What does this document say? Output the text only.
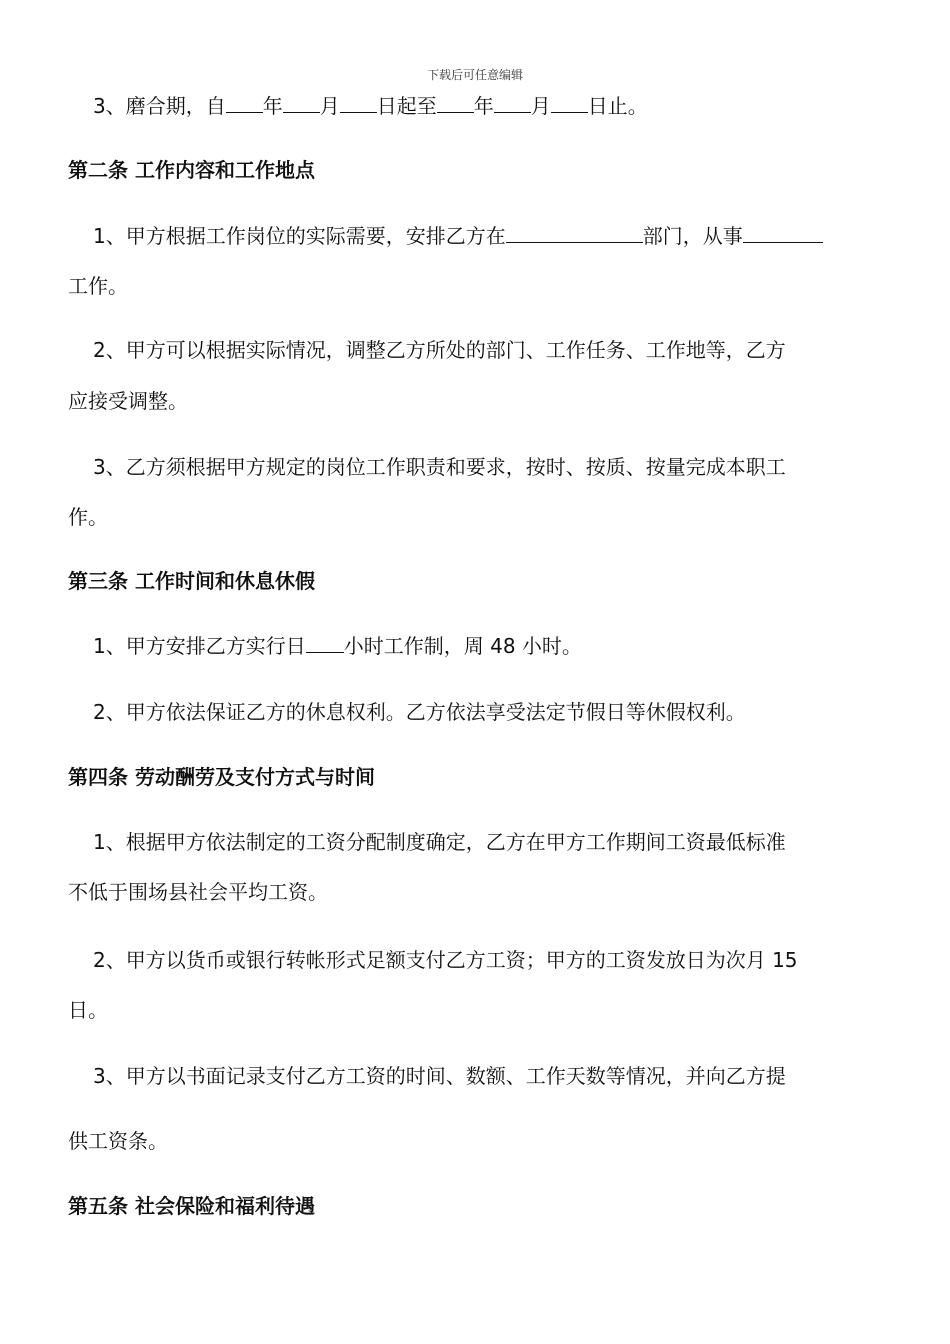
下载后可任意编辑
3、磨合期，自 年 月 日起至 年 月 日止。
第二条 工作内容和工作地点
1、甲方根据工作岗位的实际需要，安排乙方在	部门，从事
工作。
2、甲方可以根据实际情况，调整乙方所处的部门、工作任务、工作地等，乙方
应接受调整。
3、乙方须根据甲方规定的岗位工作职责和要求，按时、按质、按量完成本职工
作。
第三条 工作时间和休息休假
1、甲方安排乙方实行日 小时工作制，周 48 小时。
2、甲方依法保证乙方的休息权利。乙方依法享受法定节假日等休假权利。
第四条 劳动酬劳及支付方式与时间
1、根据甲方依法制定的工资分配制度确定，乙方在甲方工作期间工资最低标准
不低于围场县社会平均工资。
2、甲方以货币或银行转帐形式足额支付乙方工资；甲方的工资发放日为次月 15
日。
3、甲方以书面记录支付乙方工资的时间、数额、工作天数等情况，并向乙方提
供工资条。
第五条 社会保险和福利待遇
